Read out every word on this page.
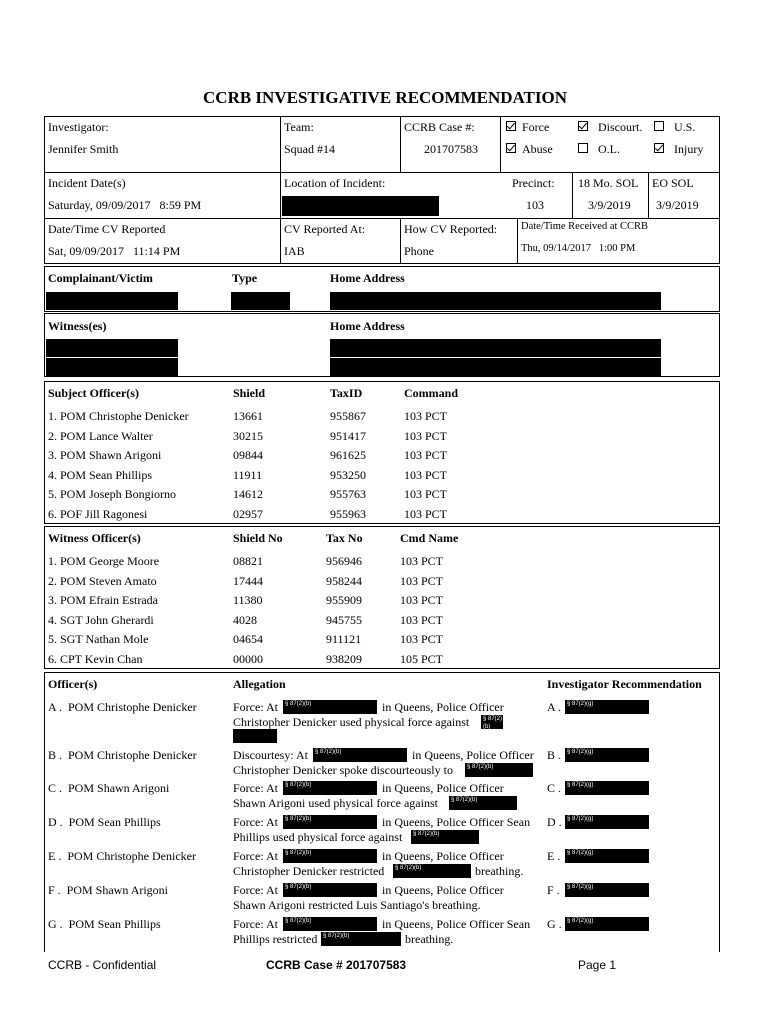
CCRB INVESTIGATIVE RECOMMENDATION
Investigator:
Jennifer Smith
Team:
Squad #14
CCRB Case #:
201707583
Force	Discourt.	U.S.
Abuse	O.L.	Injury
Incident Date(s)
Saturday, 09/09/2017   8:59 PM
Location of Incident:	Precinct:
103
18 Mo. SOL
3/9/2019
EO SOL
3/9/2019
Date/Time CV Reported
Sat, 09/09/2017   11:14 PM
CV Reported At:
IAB
How CV Reported:
Phone
Date/Time Received at CCRB
Thu, 09/14/2017   1:00 PM
Complainant/Victim	Type	Home Address
Witness(es)	Home Address
Subject Officer(s)	Shield	TaxID	Command
1. POM Christophe Denicker	13661	955867	103 PCT
2. POM Lance Walter	30215	951417	103 PCT
3. POM Shawn Arigoni	09844	961625	103 PCT
4. POM Sean Phillips	11911	953250	103 PCT
5. POM Joseph Bongiorno	14612	955763	103 PCT
6. POF Jill Ragonesi	02957	955963	103 PCT
Witness Officer(s)	Shield No	Tax No	Cmd Name
1. POM George Moore	08821	956946	103 PCT
2. POM Steven Amato	17444	958244	103 PCT
3. POM Efrain Estrada	11380	955909	103 PCT
4. SGT John Gherardi	4028	945755	103 PCT
5. SGT Nathan Mole	04654	911121	103 PCT
6. CPT Kevin Chan	00000	938209	105 PCT
Officer(s)	Allegation	Investigator Recommendation
A .  POM Christophe Denicker	Force: At	§ 87(2)(b)	in Queens, Police Officer
Christopher Denicker used physical force against	§ 87(2)(b)
A . § 87(2)(g)
B .  POM Christophe Denicker	Discourtesy: At	§ 87(2)(b)	in Queens, Police Officer
Christopher Denicker spoke discourteously to	§ 87(2)(b)
B . § 87(2)(g)
C .  POM Shawn Arigoni	Force: At	§ 87(2)(b)	in Queens, Police Officer
Shawn Arigoni used physical force against	§ 87(2)(b)
C . § 87(2)(g)
D .  POM Sean Phillips	Force: At	§ 87(2)(b)	in Queens, Police Officer Sean
Phillips used physical force against	§ 87(2)(b)
D . § 87(2)(g)
E .  POM Christophe Denicker	Force: At	§ 87(2)(b)	in Queens, Police Officer
Christopher Denicker restricted	§ 87(2)(b)	breathing.
E .	§ 87(2)(g)
F .  POM Shawn Arigoni	Force: At	§ 87(2)(b)	in Queens, Police Officer
Shawn Arigoni restricted Luis Santiago's breathing.
F .	§ 87(2)(g)
G .  POM Sean Phillips	Force: At	§ 87(2)(b)	in Queens, Police Officer Sean
Phillips restricted § 87(2)(b)	breathing.
G . § 87(2)(g)
CCRB - Confidential	CCRB Case # 201707583	Page 1
